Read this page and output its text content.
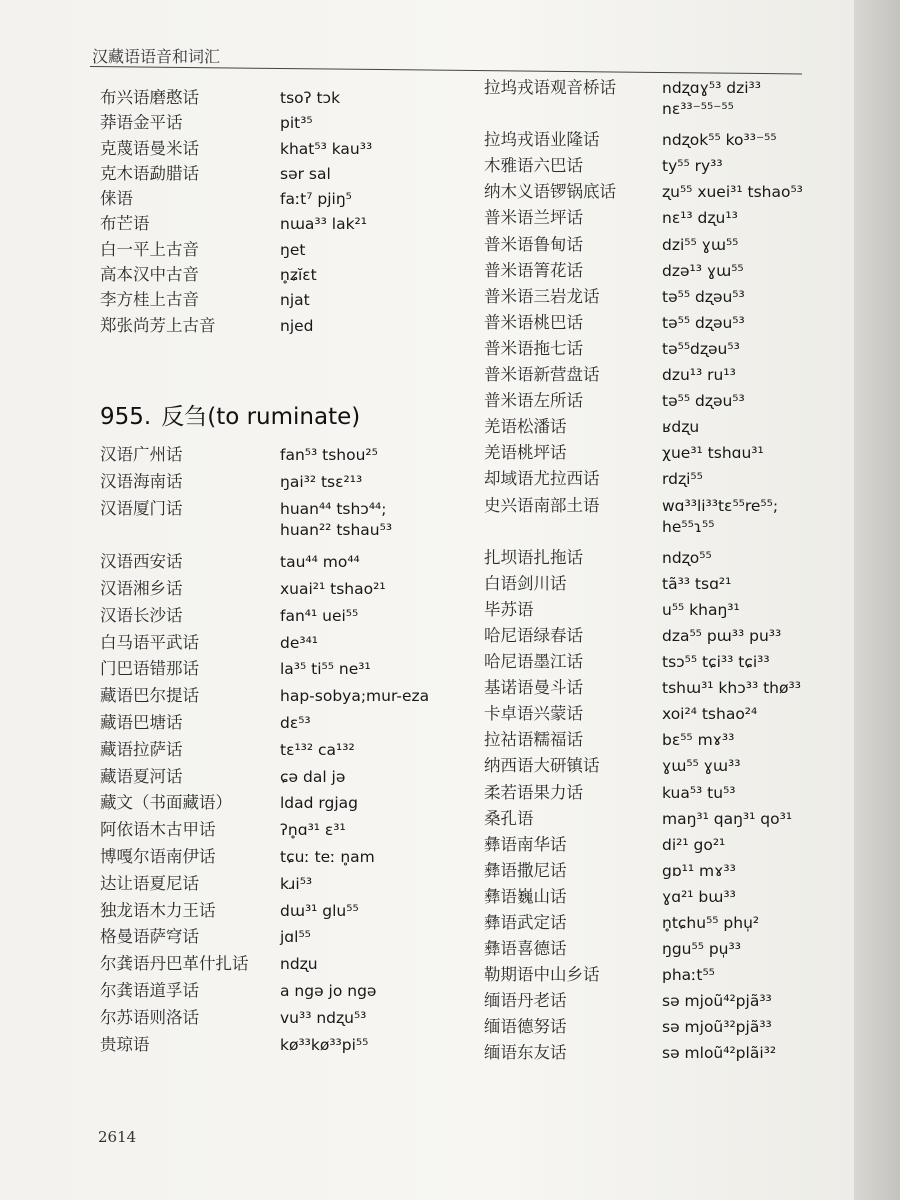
汉藏语语音和词汇
布兴语磨憨话	tsoʔ tɔk
莽语金平话	pit³⁵
克蔑语曼米话	khat⁵³ kau³³
克木语勐腊话	sər sal
俫语	faːt⁷ pjiŋ⁵
布芒语	nɯa³³ lak²¹
白一平上古音	ŋet
高本汉中古音	n̥ʑĭɛt
李方桂上古音	njat
郑张尚芳上古音	njed
955. 反刍(to ruminate)
汉语广州话	fan⁵³ tshou²⁵
汉语海南话	ŋai³² tsɛ²¹³
汉语厦门话	huan⁴⁴ tshɔ⁴⁴;
huan²² tshau⁵³
汉语西安话	tau⁴⁴ mo⁴⁴
汉语湘乡话	xuai²¹ tshao²¹
汉语长沙话	fan⁴¹ uei⁵⁵
白马语平武话	de³⁴¹
门巴语错那话	la³⁵ ti⁵⁵ ne³¹
藏语巴尔提话	hap-sobya;mur-eza
藏语巴塘话	dɛ⁵³
藏语拉萨话	tɛ¹³² ca¹³²
藏语夏河话	ɕə dal jə
藏文（书面藏语）	ldad rgjag
阿依语木古甲话	ʔn̥ɑ³¹ ɛ³¹
博嘎尔语南伊话	tɕuː teː n̥am
达让语夏尼话	kɹi⁵³
独龙语木力王话	dɯ³¹ glu⁵⁵
格曼语萨穹话	jɑl⁵⁵
尔龚语丹巴革什扎话	ndʐu
尔龚语道孚话	a ngə jo ngə
尔苏语则洛话	vu³³ ndʐu⁵³
贵琼语	kø³³kø³³pi⁵⁵
拉坞戎语观音桥话	ndʐɑɣ⁵³ dzi³³
nɛ³³⁻⁵⁵⁻⁵⁵
拉坞戎语业隆话	ndʐok⁵⁵ ko³³⁻⁵⁵
木雅语六巴话	ty⁵⁵ ry³³
纳木义语锣锅底话	ʐu⁵⁵ xuei³¹ tshao⁵³
普米语兰坪话	nɛ¹³ dʐu¹³
普米语鲁甸话	dzi⁵⁵ ɣɯ⁵⁵
普米语箐花话	dzə¹³ ɣɯ⁵⁵
普米语三岩龙话	tə⁵⁵ dʐəu⁵³
普米语桃巴话	tə⁵⁵ dʐəu⁵³
普米语拖七话	tə⁵⁵dʐəu⁵³
普米语新营盘话	dzu¹³ ru¹³
普米语左所话	tə⁵⁵ dʐəu⁵³
羌语松潘话	ʁdʐu
羌语桃坪话	χue³¹ tshɑu³¹
却域语尤拉西话	rdʐi⁵⁵
史兴语南部土语	wɑ³³li³³tɛ⁵⁵re⁵⁵;
he⁵⁵ɿ⁵⁵
扎坝语扎拖话	ndʐo⁵⁵
白语剑川话	tã³³ tsɑ²¹
毕苏语	u⁵⁵ khaŋ³¹
哈尼语绿春话	dza⁵⁵ pɯ³³ pu³³
哈尼语墨江话	tsɔ⁵⁵ tɕi³³ tɕi³³
基诺语曼斗话	tshɯ³¹ khɔ³³ thø³³
卡卓语兴蒙话	xoi²⁴ tshao²⁴
拉祜语糯福话	bɛ⁵⁵ mɤ³³
纳西语大研镇话	ɣɯ⁵⁵ ɣɯ³³
柔若语果力话	kua⁵³ tu⁵³
桑孔语	maŋ³¹ qaŋ³¹ qo³¹
彝语南华话	di²¹ go²¹
彝语撒尼话	gɒ¹¹ mɤ³³
彝语巍山话	ɣɑ²¹ bɯ³³
彝语武定话	n̥tɕhu⁵⁵ phu̩²
彝语喜德话	ŋgu⁵⁵ pu̩³³
勒期语中山乡话	phaːt⁵⁵
缅语丹老话	sə mjoũ⁴²pjã³³
缅语德努话	sə mjoũ³²pjã³³
缅语东友话	sə mloũ⁴²plãi³²
2614
